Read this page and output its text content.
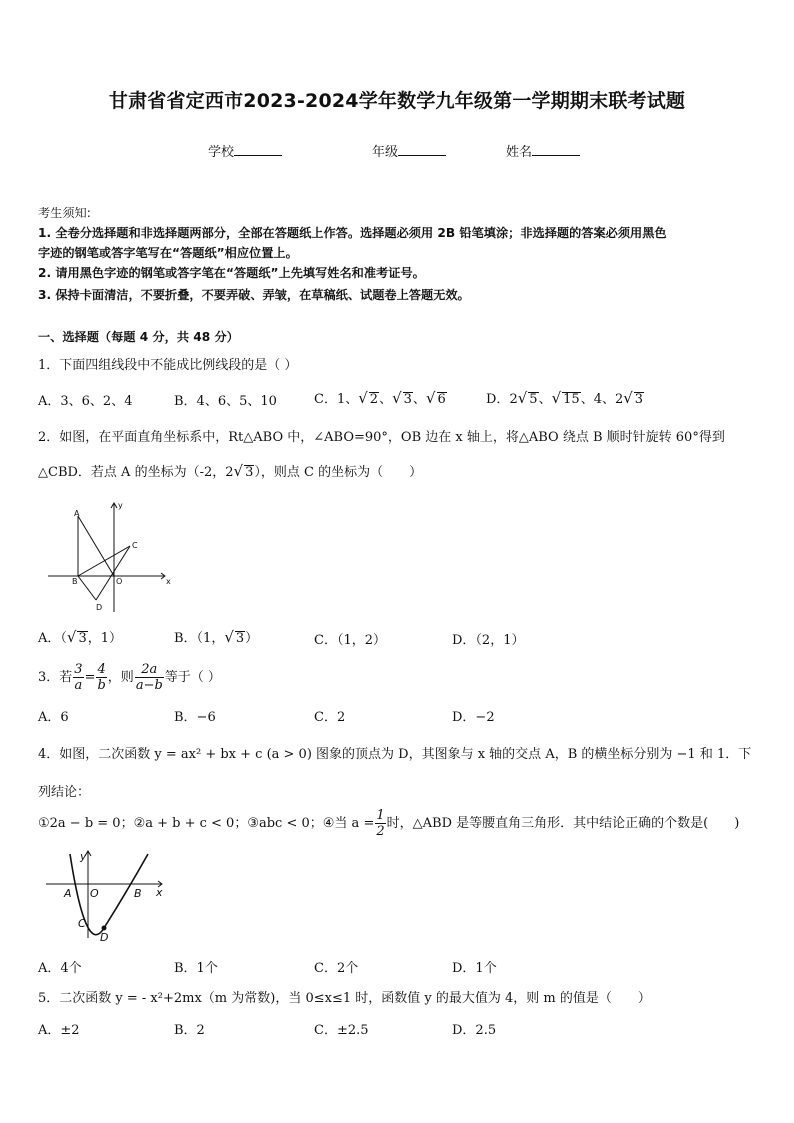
甘肃省省定西市2023-2024学年数学九年级第一学期期末联考试题
学校	年级	姓名
考生须知:
1. 全卷分选择题和非选择题两部分，全部在答题纸上作答。选择题必须用 2B 铅笔填涂；非选择题的答案必须用黑色
字迹的钢笔或答字笔写在“答题纸”相应位置上。
2. 请用黑色字迹的钢笔或答字笔在“答题纸”上先填写姓名和准考证号。
3. 保持卡面清洁，不要折叠，不要弄破、弄皱，在草稿纸、试题卷上答题无效。
一、选择题（每题 4 分，共 48 分）
1．下面四组线段中不能成比例线段的是（ ）
A．3、6、2、4	B．4、6、5、10	C．1、√ 2、√ 3、√ 6	D．2√ 5、√ 15、4、2√ 3
2．如图，在平面直角坐标系中，Rt△ABO 中，∠ABO=90°，OB 边在 x 轴上，将△ABO 绕点 B 顺时针旋转 60°得到
△CBD．若点 A 的坐标为（-2，2√ 3），则点 C 的坐标为（　　）
A
B
C
D
O	x
y
A．（√ 3，1）	B．（1，√ 3）	C．（1，2）	D．（2，1）
3．若 $\frac{3}{a} = \frac{4}{b}$ ，则 $\frac{2a}{a-b}$ 等于（ ）
A．6	B．−6	C．2	D．−2
4．如图，二次函数 y = ax² + bx + c (a > 0) 图象的顶点为 D，其图象与 x 轴的交点 A，B 的横坐标分别为 −1 和 1．下
列结论：
①2a − b = 0；②a + b + c < 0；③abc < 0；④当 $a = \frac{1}{2}$ 时，△ABD 是等腰直角三角形．其中结论正确的个数是(　　)
y
x
A O	B
C
D
A．4个	B．1个	C．2个	D．1个
5．二次函数 y = - x²+2mx（m 为常数)，当 0≤x≤1 时，函数值 y 的最大值为 4，则 m 的值是（　　）
A．±2	B．2	C．±2.5	D．2.5
